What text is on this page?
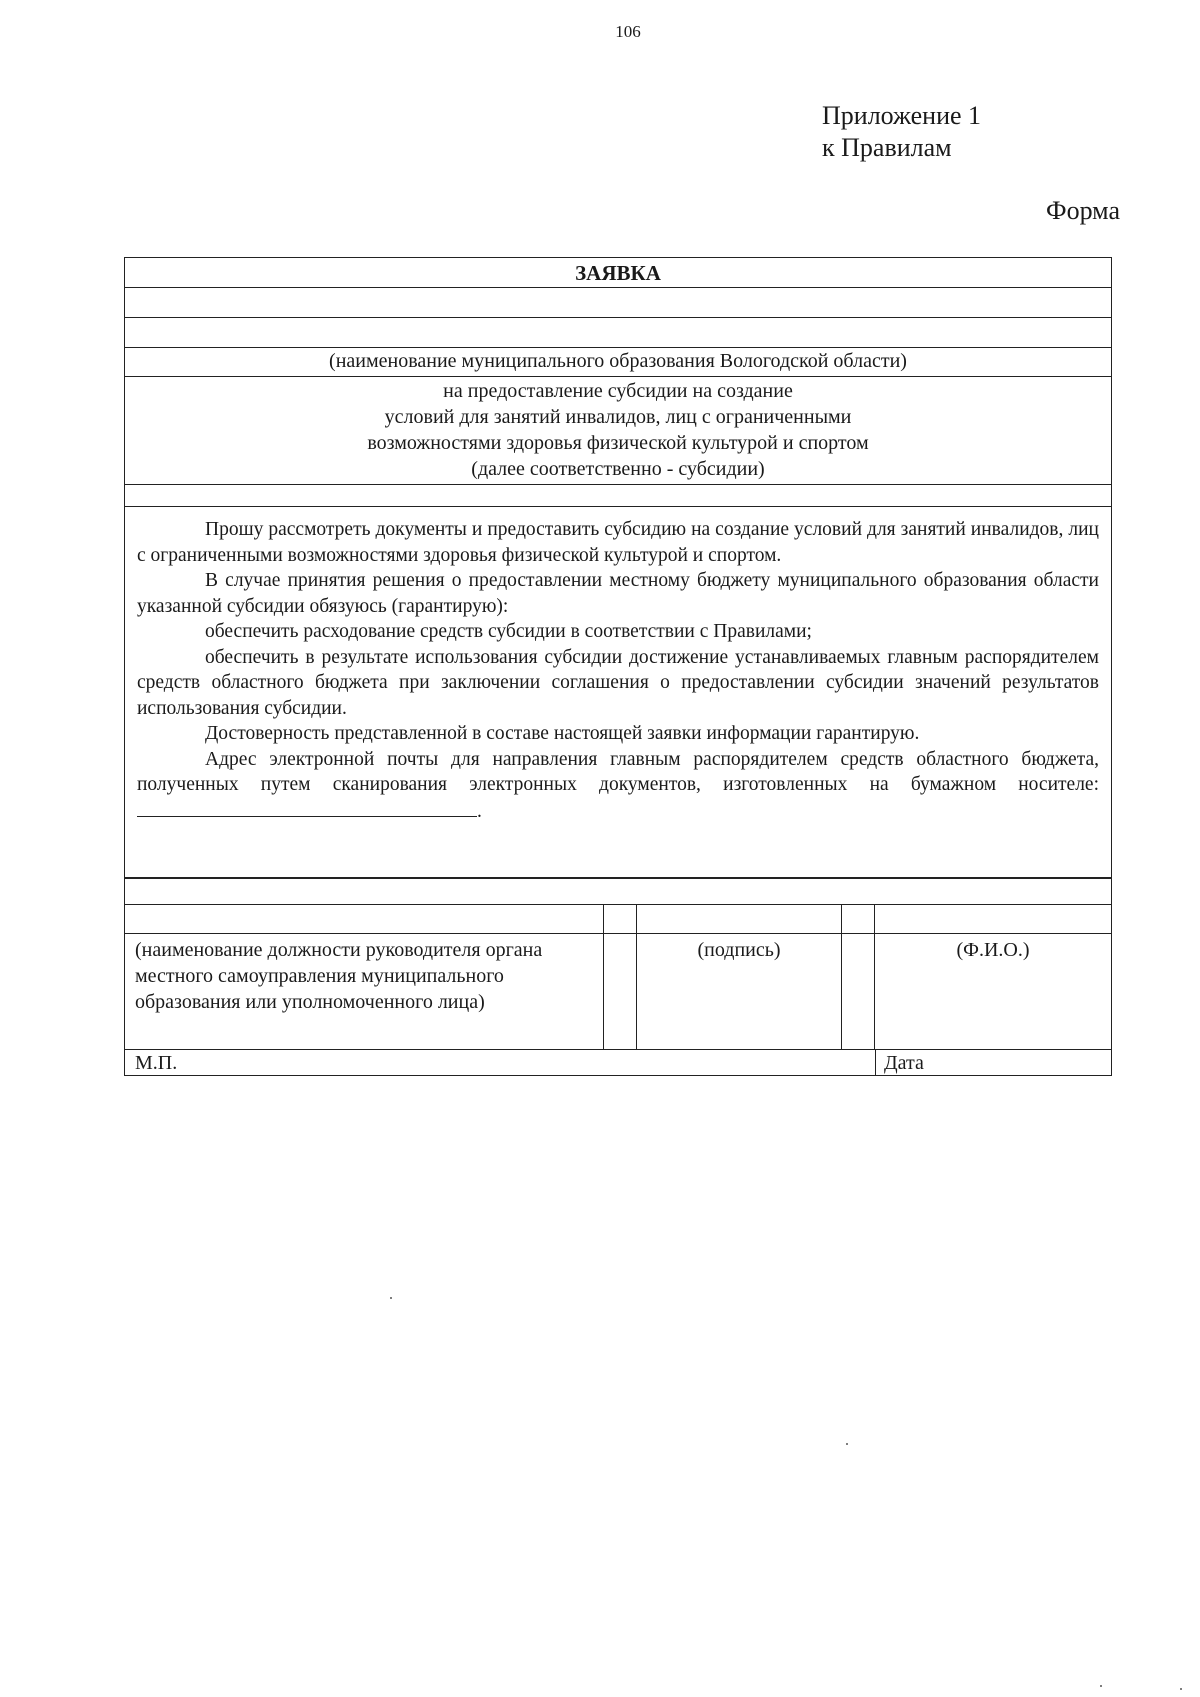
106
Приложение 1
к Правилам
Форма
ЗАЯВКА
(наименование муниципального образования Вологодской области)
на предоставление субсидии на создание
условий для занятий инвалидов, лиц с ограниченными
возможностями здоровья физической культурой и спортом
(далее соответственно - субсидии)

Прошу рассмотреть документы и предоставить субсидию на создание условий для занятий инвалидов, лиц с ограниченными возможностями здоровья физической культурой и спортом.

В случае принятия решения о предоставлении местному бюджету муниципального образования области указанной субсидии обязуюсь (гарантирую):

обеспечить расходование средств субсидии в соответствии с Правилами;

обеспечить в результате использования субсидии достижение устанавливаемых главным распорядителем средств областного бюджета при заключении соглашения о предоставлении субсидии значений результатов использования субсидии.

Достоверность представленной в составе настоящей заявки информации гарантирую.

Адрес электронной почты для направления главным распорядителем средств областного бюджета, полученных путем сканирования электронных документов, изготовленных на бумажном носителе: .

(наименование должности руководителя органа местного самоуправления муниципального образования или уполномоченного лица)
(подпись)	(Ф.И.О.)
М.П.	Дата
